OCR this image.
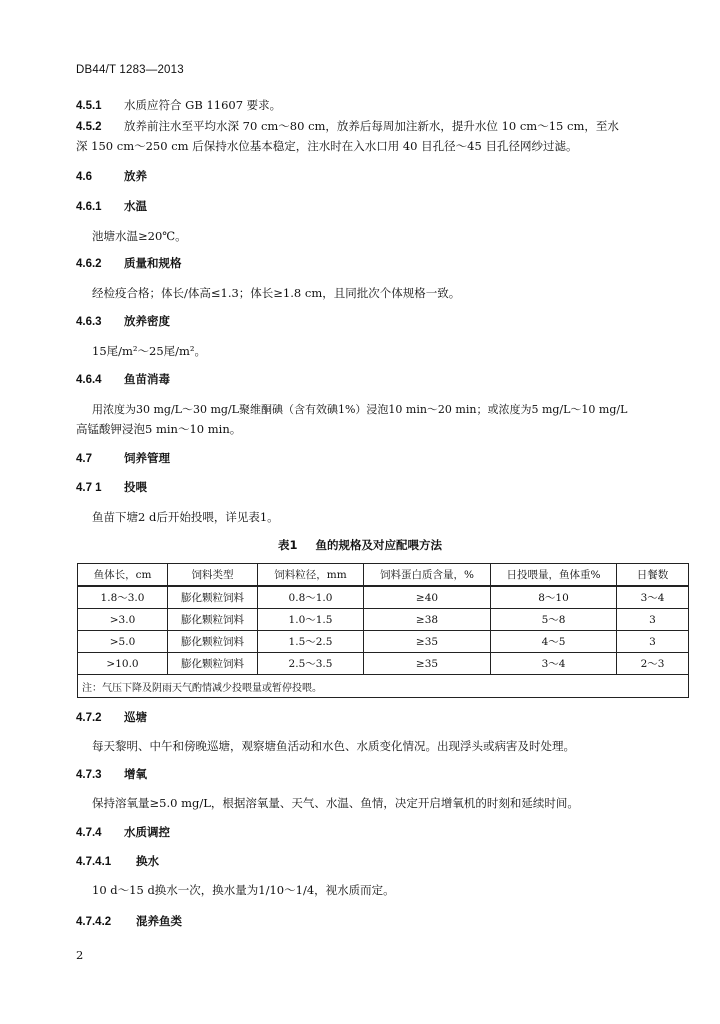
DB44/T 1283—2013
4.5.1 水质应符合 GB 11607 要求。
4.5.2 放养前注水至平均水深 70 cm～80 cm，放养后每周加注新水，提升水位 10 cm～15 cm，至水
深 150 cm～250 cm 后保持水位基本稳定，注水时在入水口用 40 目孔径～45 目孔径网纱过滤。
4.6	放养
4.6.1 水温
池塘水温≥20℃。
4.6.2 质量和规格
经检疫合格；体长/体高≤1.3；体长≥1.8 cm，且同批次个体规格一致。
4.6.3 放养密度
15尾/m²～25尾/m²。
4.6.4 鱼苗消毒
用浓度为30 mg/L～30 mg/L聚维酮碘（含有效碘1%）浸泡10 min～20 min；或浓度为5 mg/L～10 mg/L
高锰酸钾浸泡5 min～10 min。
4.7	饲养管理
4.7 1 投喂
鱼苗下塘2 d后开始投喂，详见表1。
表1 鱼的规格及对应配喂方法
鱼体长，cm	饲料类型	饲料粒径，mm	饲料蛋白质含量，%	日投喂量，鱼体重%	日餐数
1.8～3.0	膨化颗粒饲料	0.8～1.0	≥40	8～10	3～4
>3.0	膨化颗粒饲料	1.0～1.5	≥38	5～8	3
>5.0	膨化颗粒饲料	1.5～2.5	≥35	4～5	3
>10.0	膨化颗粒饲料	2.5～3.5	≥35	3～4	2～3
注：气压下降及阴雨天气酌情减少投喂量或暂停投喂。					
4.7.2 巡塘
每天黎明、中午和傍晚巡塘，观察塘鱼活动和水色、水质变化情况。出现浮头或病害及时处理。
4.7.3 增氧
保持溶氧量≥5.0 mg/L，根据溶氧量、天气、水温、鱼情，决定开启增氧机的时刻和延续时间。
4.7.4 水质调控
4.7.4.1 换水
10 d～15 d换水一次，换水量为1/10～1/4，视水质而定。
4.7.4.2 混养鱼类
2
